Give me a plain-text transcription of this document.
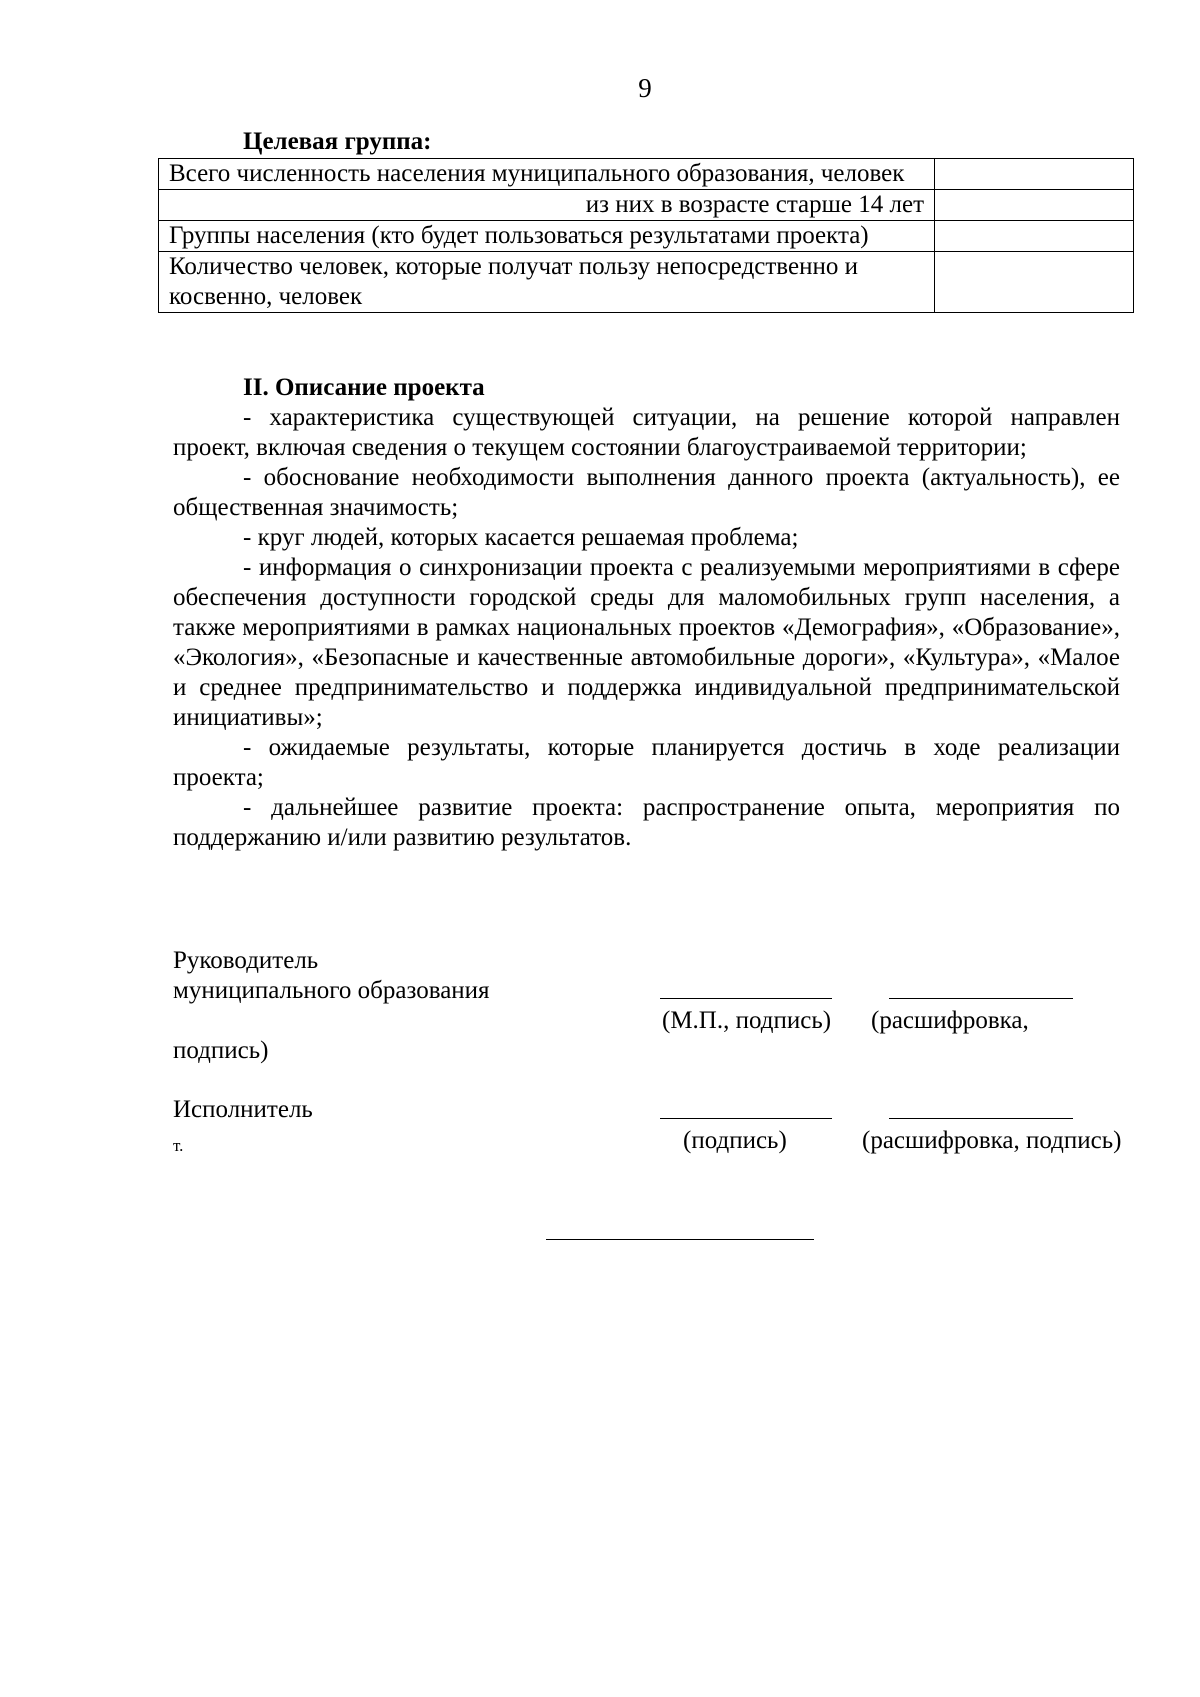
9
Целевая группа:
Всего численность населения муниципального образования, человек	
из них в возрасте старше 14 лет	
Группы населения (кто будет пользоваться результатами проекта)	
Количество человек, которые получат пользу непосредственно и косвенно, человек	
II. Описание проекта

- характеристика существующей ситуации, на решение которой направлен проект, включая сведения о текущем состоянии благоустраиваемой территории;

- обоснование необходимости выполнения данного проекта (актуальность), ее общественная значимость;

- круг людей, которых касается решаемая проблема;

- информация о синхронизации проекта с реализуемыми мероприятиями в сфере обеспечения доступности городской среды для маломобильных групп населения, а также мероприятиями в рамках национальных проектов «Демография», «Образование», «Экология», «Безопасные и качественные автомобильные дороги», «Культура», «Малое и среднее предпринимательство и поддержка индивидуальной предпринимательской инициативы»;

- ожидаемые результаты, которые планируется достичь в ходе реализации проекта;

- дальнейшее развитие проекта: распространение опыта, мероприятия по поддержанию и/или развитию результатов.

Руководитель
муниципального образования
(М.П., подпись) (расшифровка,
подпись)
Исполнитель
т.	(подпись)	(расшифровка, подпись)
